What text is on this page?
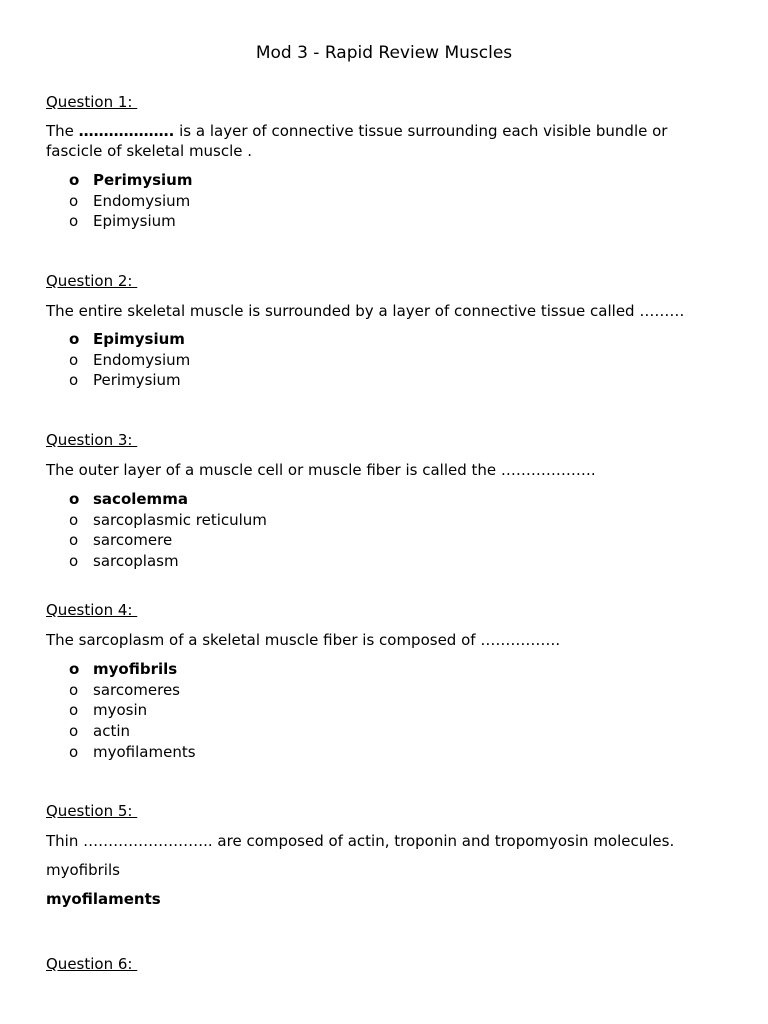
Mod 3 - Rapid Review Muscles
Question 1:
The ………………. is a layer of connective tissue surrounding each visible bundle or fascicle of skeletal muscle .
o Perimysium
o Endomysium
o Epimysium
Question 2:
The entire skeletal muscle is surrounded by a layer of connective tissue called ………
o Epimysium
o Endomysium
o Perimysium
Question 3:
The outer layer of a muscle cell or muscle fiber is called the ……………….
o sacolemma
o sarcoplasmic reticulum
o sarcomere
o sarcoplasm
Question 4:
The sarcoplasm of a skeletal muscle fiber is composed of …………….
o myofibrils
o sarcomeres
o myosin
o actin
o myofilaments
Question 5:
Thin …………………….. are composed of actin, troponin and tropomyosin molecules.
myofibrils
myofilaments
Question 6:
